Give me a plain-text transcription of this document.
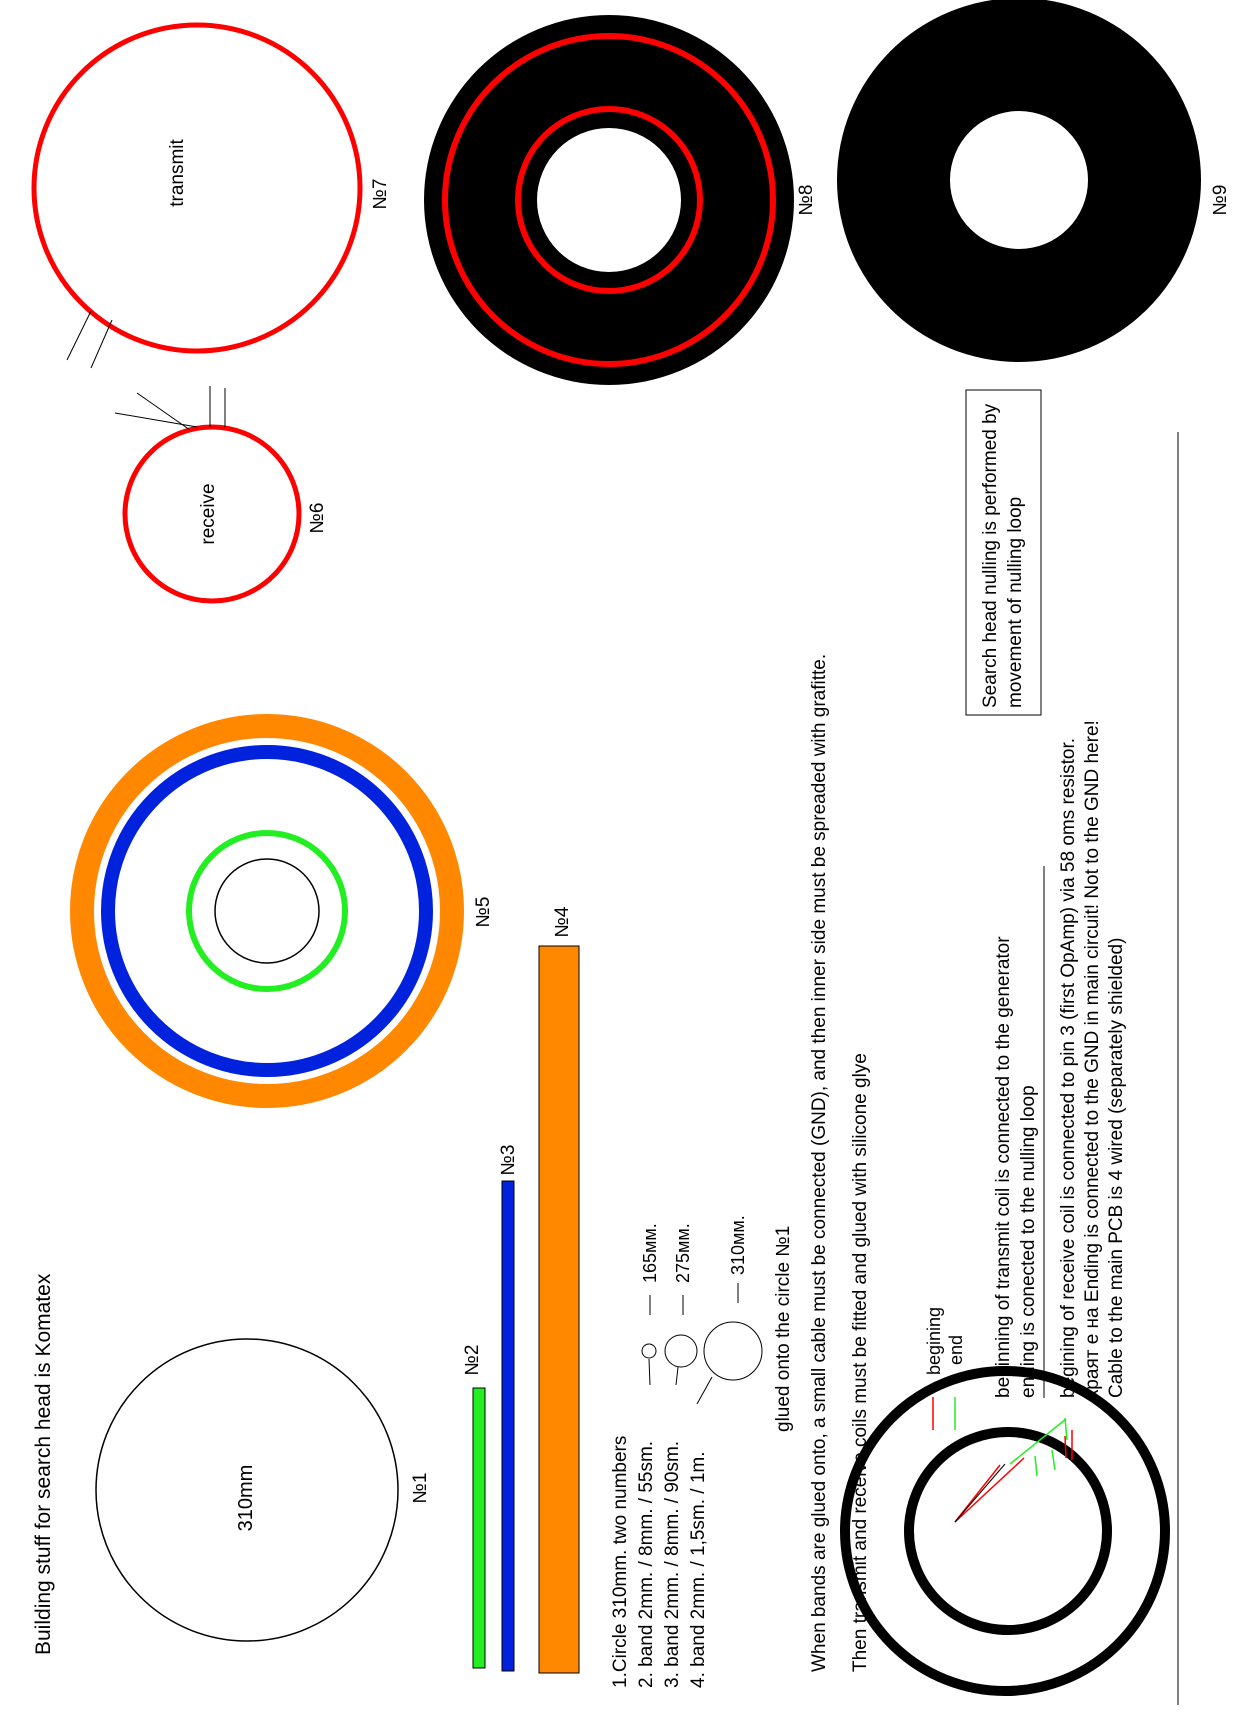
Building stuff for search head is Komatex	310mm	№1
№2
№3
№4
№5
1.Circle 310mm. two numbers 2. band 2mm. / 8mm. / 55sm. 3. band 2mm. / 8mm. / 90sm. 4. band 2mm. / 1,5sm. / 1m.
165мм. 275мм. 310мм. glued onto the circle №1 When bands are glued onto, a small cable must be connected (GND), and then inner side must be spreaded with grafitte. Then transmit and receive coils must be fitted and glued with silicone glye	begining end beginning of transmit coil is connected to the generator ending is conected to the nulling loop begining of receive coil is connected to pin 3 (first OpAmp) via 58 oms resistor. краят е на Ending is connected to the GND in main circuit! Not to the GND here! Cable to the main PCB is 4 wired (separately shielded)
Search head nulling is performed by movement of nulling loop
receive	№6
transmit	№7	№8	№9
